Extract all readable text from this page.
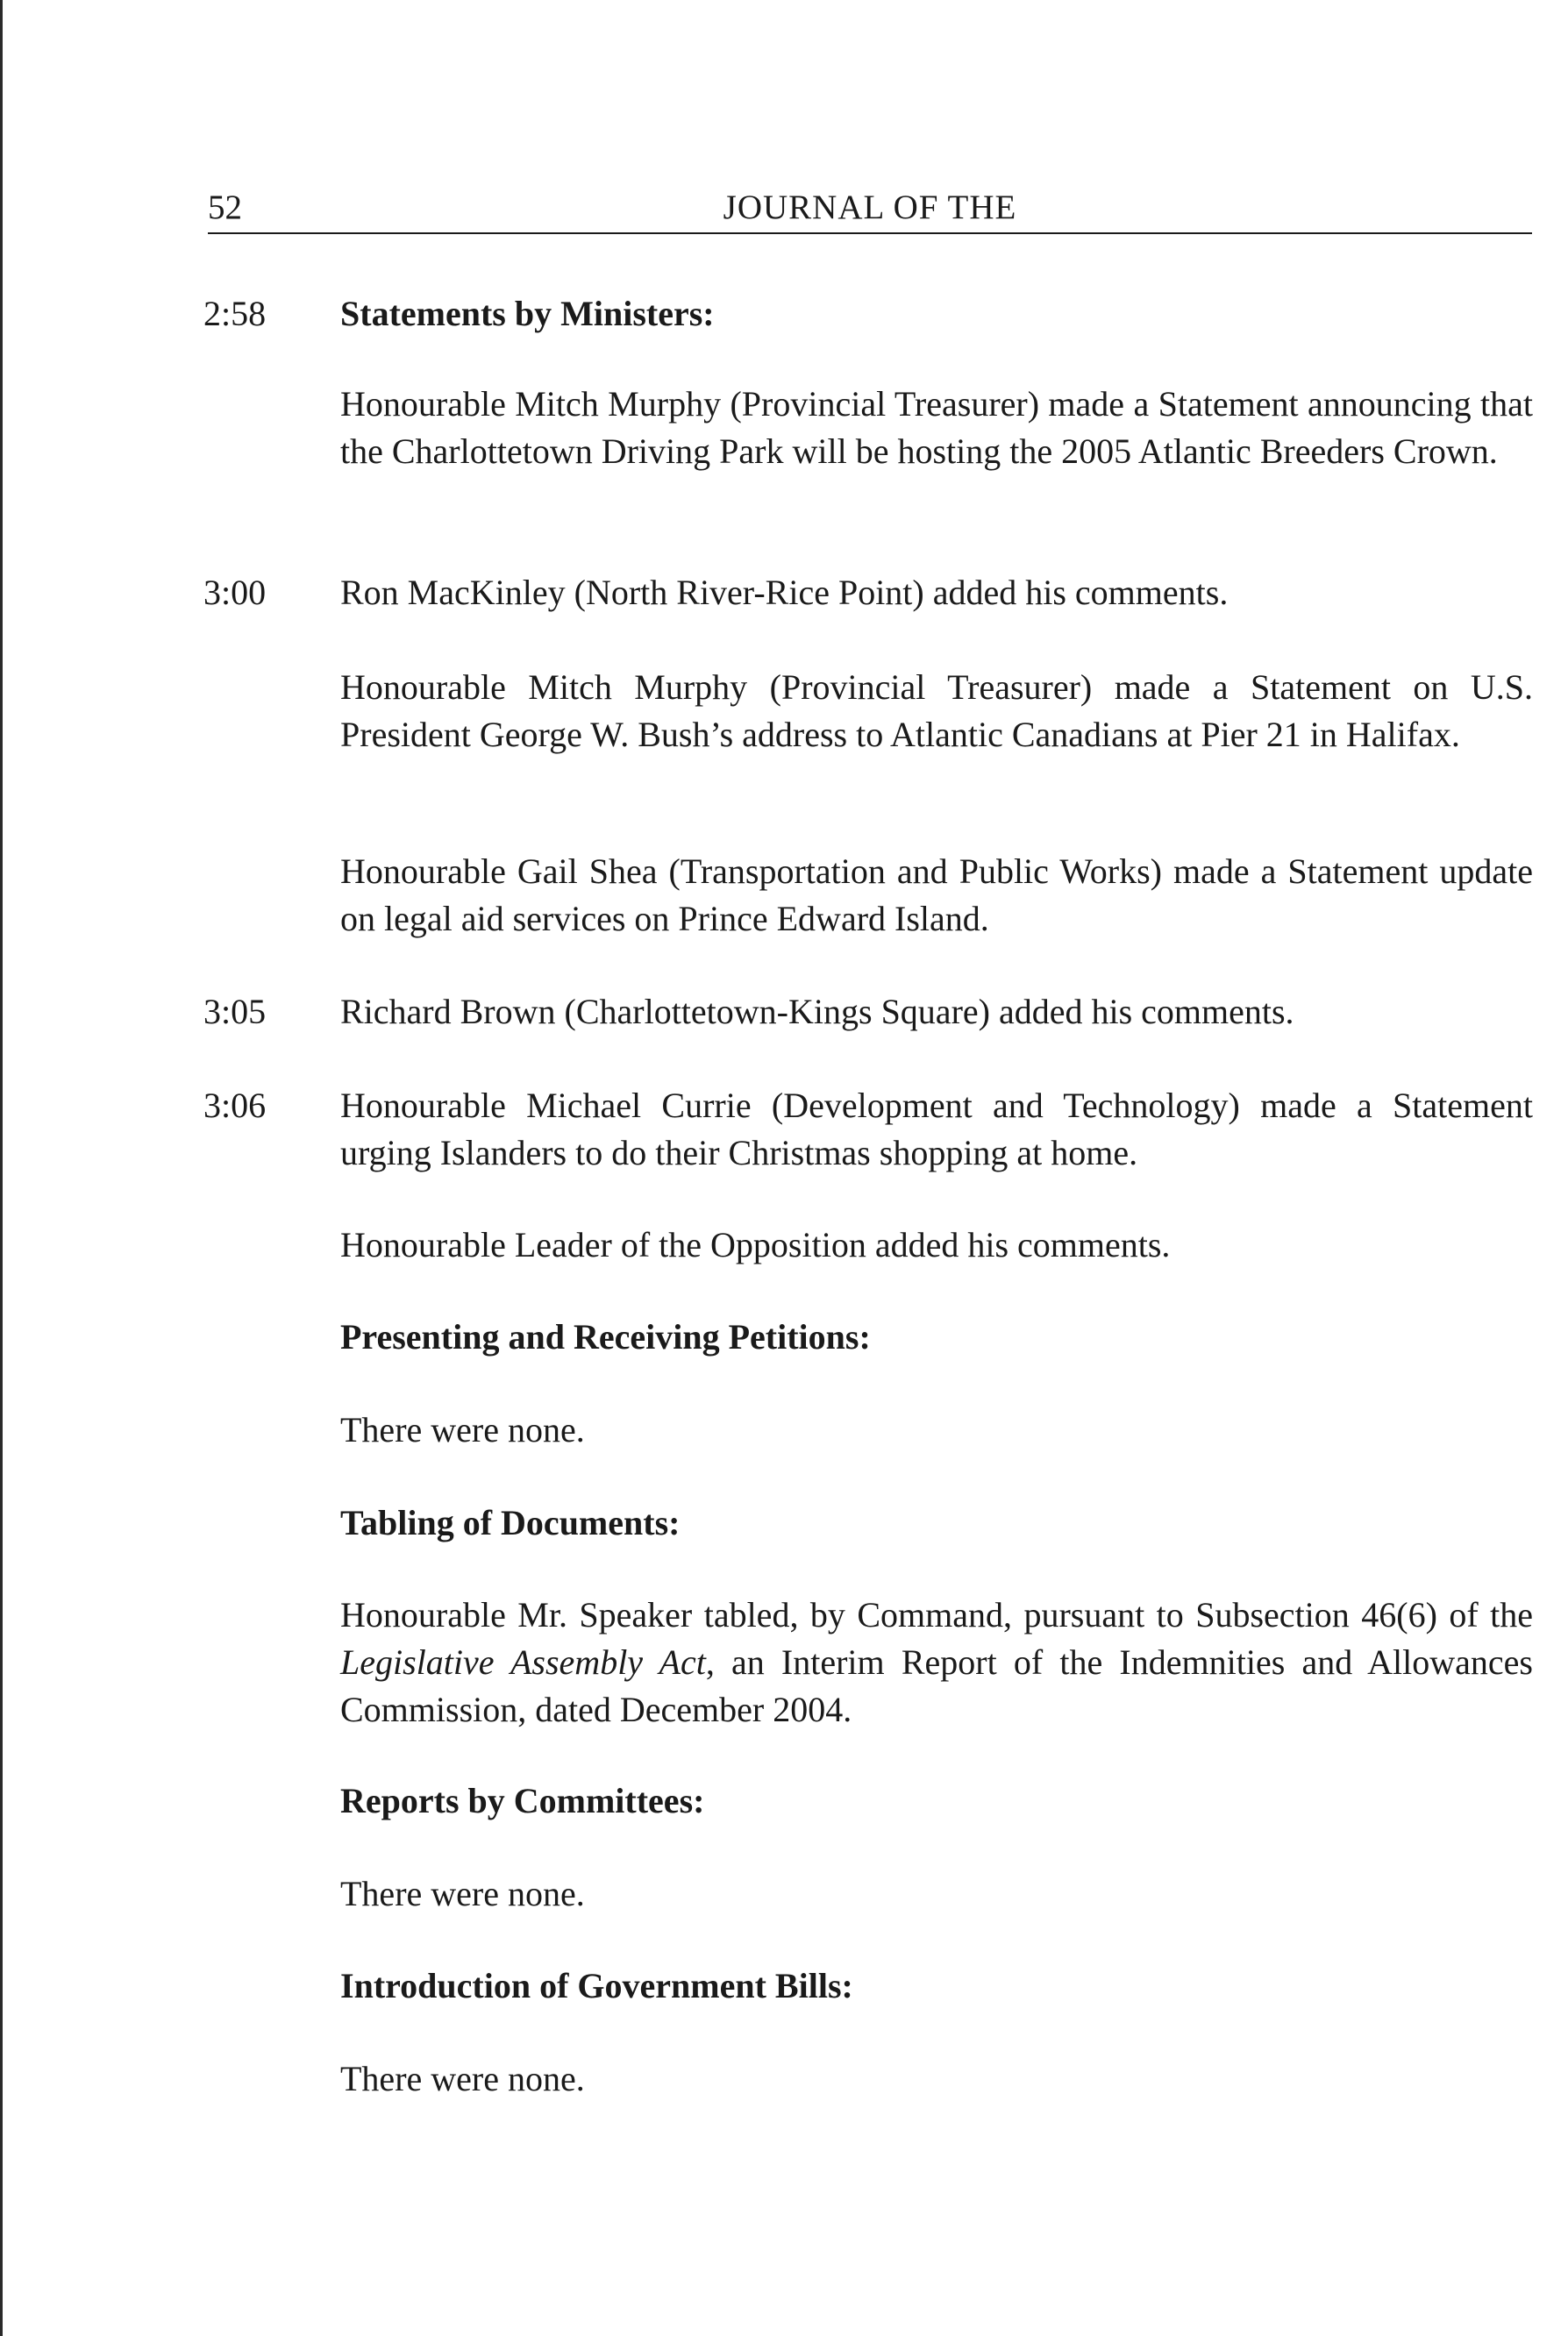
52	JOURNAL OF THE
2:58 Statements by Ministers:
Honourable Mitch Murphy (Provincial Treasurer) made a Statement announcing that the Charlottetown Driving Park will be hosting the 2005 Atlantic Breeders Crown.
3:00 Ron MacKinley (North River-Rice Point) added his comments.
Honourable Mitch Murphy (Provincial Treasurer) made a Statement on U.S. President George W. Bush’s address to Atlantic Canadians at Pier 21 in Halifax.
Honourable Gail Shea (Transportation and Public Works) made a Statement update on legal aid services on Prince Edward Island.
3:05 Richard Brown (Charlottetown-Kings Square) added his comments.
3:06 Honourable Michael Currie (Development and Technology) made a Statement urging Islanders to do their Christmas shopping at home.
Honourable Leader of the Opposition added his comments.
Presenting and Receiving Petitions:
There were none.
Tabling of Documents:
Honourable Mr. Speaker tabled, by Command, pursuant to Subsection 46(6) of the Legislative Assembly Act, an Interim Report of the Indemnities and Allowances Commission, dated December 2004.
Reports by Committees:
There were none.
Introduction of Government Bills:
There were none.
